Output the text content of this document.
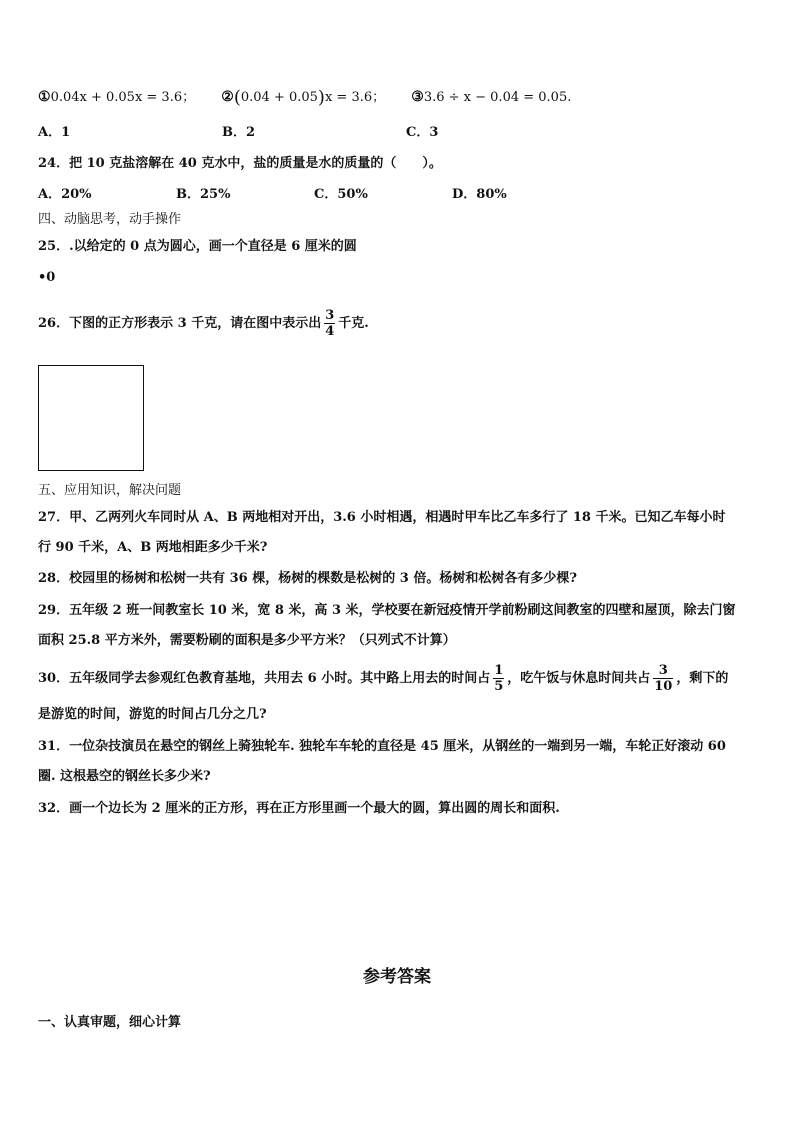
①0.04x + 0.05x = 3.6； ②(0.04 + 0.05)x = 3.6； ③3.6 ÷ x − 0.04 = 0.05.
A．1	B．2	C．3
24．把 10 克盐溶解在 40 克水中，盐的质量是水的质量的（　　）。
A．20%	B．25%	C．50%	D．80%
四、动脑思考，动手操作
25．.以给定的 0 点为圆心，画一个直径是 6 厘米的圆
•0
26．下图的正方形表示 3 千克，请在图中表示出 $\frac{3}{4}$ 千克.
五、应用知识，解决问题
27．甲、乙两列火车同时从 A、B 两地相对开出，3.6 小时相遇，相遇时甲车比乙车多行了 18 千米。已知乙车每小时
行 90 千米，A、B 两地相距多少千米?
28．校园里的杨树和松树一共有 36 棵，杨树的棵数是松树的 3 倍。杨树和松树各有多少棵?
29．五年级 2 班一间教室长 10 米，宽 8 米，高 3 米，学校要在新冠疫情开学前粉刷这间教室的四壁和屋顶，除去门窗
面积 25.8 平方米外，需要粉刷的面积是多少平方米？（只列式不计算）
30．五年级同学去参观红色教育基地，共用去 6 小时。其中路上用去的时间占 $\frac{1}{5}$ ，吃午饭与休息时间共占 $\frac{3}{10}$ ，剩下的
是游览的时间，游览的时间占几分之几?
31．一位杂技演员在悬空的钢丝上骑独轮车. 独轮车车轮的直径是 45 厘米，从钢丝的一端到另一端，车轮正好滚动 60
圈. 这根悬空的钢丝长多少米?
32．画一个边长为 2 厘米的正方形，再在正方形里画一个最大的圆，算出圆的周长和面积.
参考答案
一、认真审题，细心计算
